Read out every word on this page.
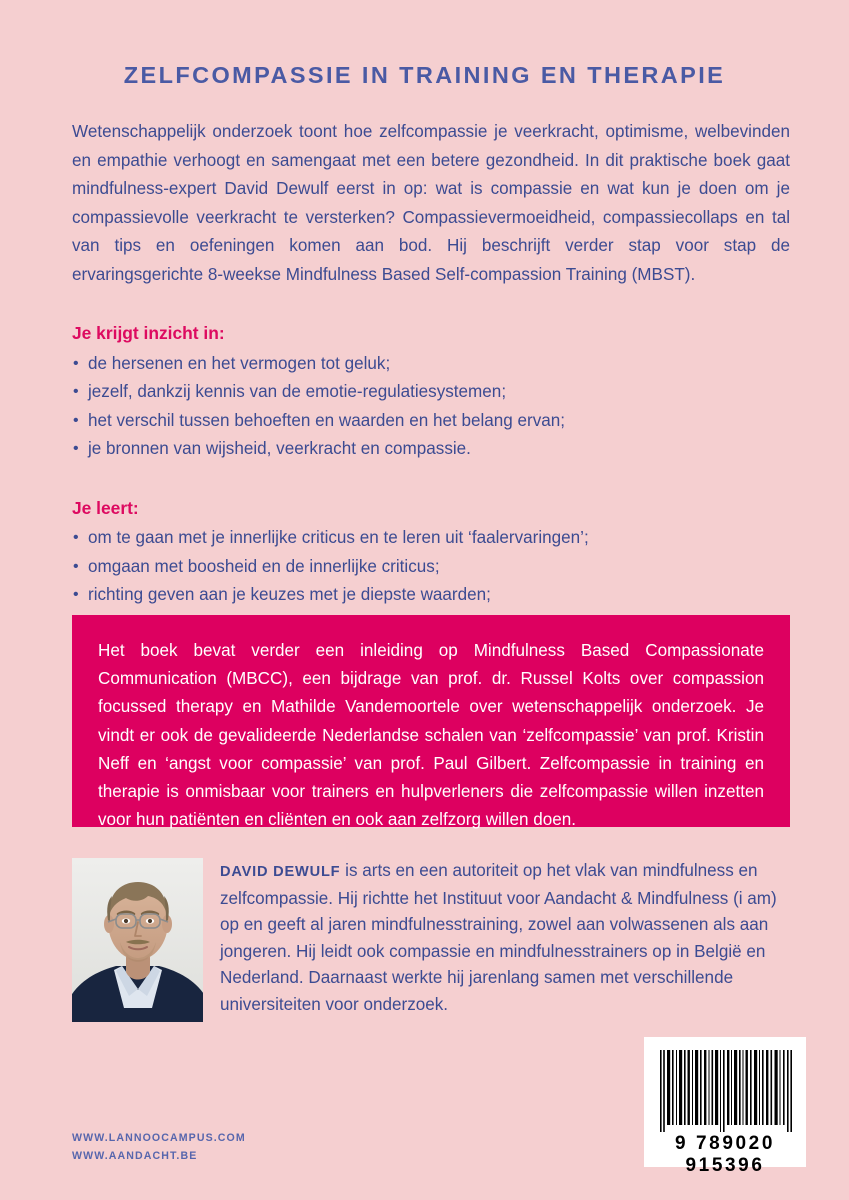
ZELFCOMPASSIE IN TRAINING EN THERAPIE

Wetenschappelijk onderzoek toont hoe zelfcompassie je veerkracht, optimisme, welbevinden en empathie verhoogt en samengaat met een betere gezondheid. In dit praktische boek gaat mindfulness-expert David Dewulf eerst in op: wat is compassie en wat kun je doen om je compassievolle veerkracht te versterken? Compassievermoeidheid, compassiecollaps en tal van tips en oefeningen komen aan bod. Hij beschrijft verder stap voor stap de ervaringsgerichte 8-weekse Mindfulness Based Self-compassion Training (MBST).

Je krijgt inzicht in:
• de hersenen en het vermogen tot geluk;
• jezelf, dankzij kennis van de emotie-regulatiesystemen;
• het verschil tussen behoeften en waarden en het belang ervan;
• je bronnen van wijsheid, veerkracht en compassie.
Je leert:
• om te gaan met je innerlijke criticus en te leren uit ‘faalervaringen’;
• omgaan met boosheid en de innerlijke criticus;
• richting geven aan je keuzes met je diepste waarden;
•

Het boek bevat verder een inleiding op Mindfulness Based Compassionate Communication (MBCC), een bijdrage van prof. dr. Russel Kolts over compassion focussed therapy en Mathilde Vandemoortele over wetenschappelijk onderzoek. Je vindt er ook de gevalideerde Nederlandse schalen van ‘zelfcompassie’ van prof. Kristin Neff en ‘angst voor compassie’ van prof. Paul Gilbert. Zelfcompassie in training en therapie is onmisbaar voor trainers en hulpverleners die zelfcompassie willen inzetten voor hun patiënten en cliënten en ook aan zelfzorg willen doen.

DAVID DEWULF is arts en een autoriteit op het vlak van mindfulness en zelfcompassie. Hij richtte het Instituut voor Aandacht & Mindfulness (i am) op en geeft al jaren mindfulnesstraining, zowel aan volwassenen als aan jongeren. Hij leidt ook compassie en mindfulnesstrainers op in België en Nederland. Daarnaast werkte hij jarenlang samen met verschillende universiteiten voor onderzoek.
WWW.LANNOOCAMPUS.COM
WWW.AANDACHT.BE
9 789020 915396
